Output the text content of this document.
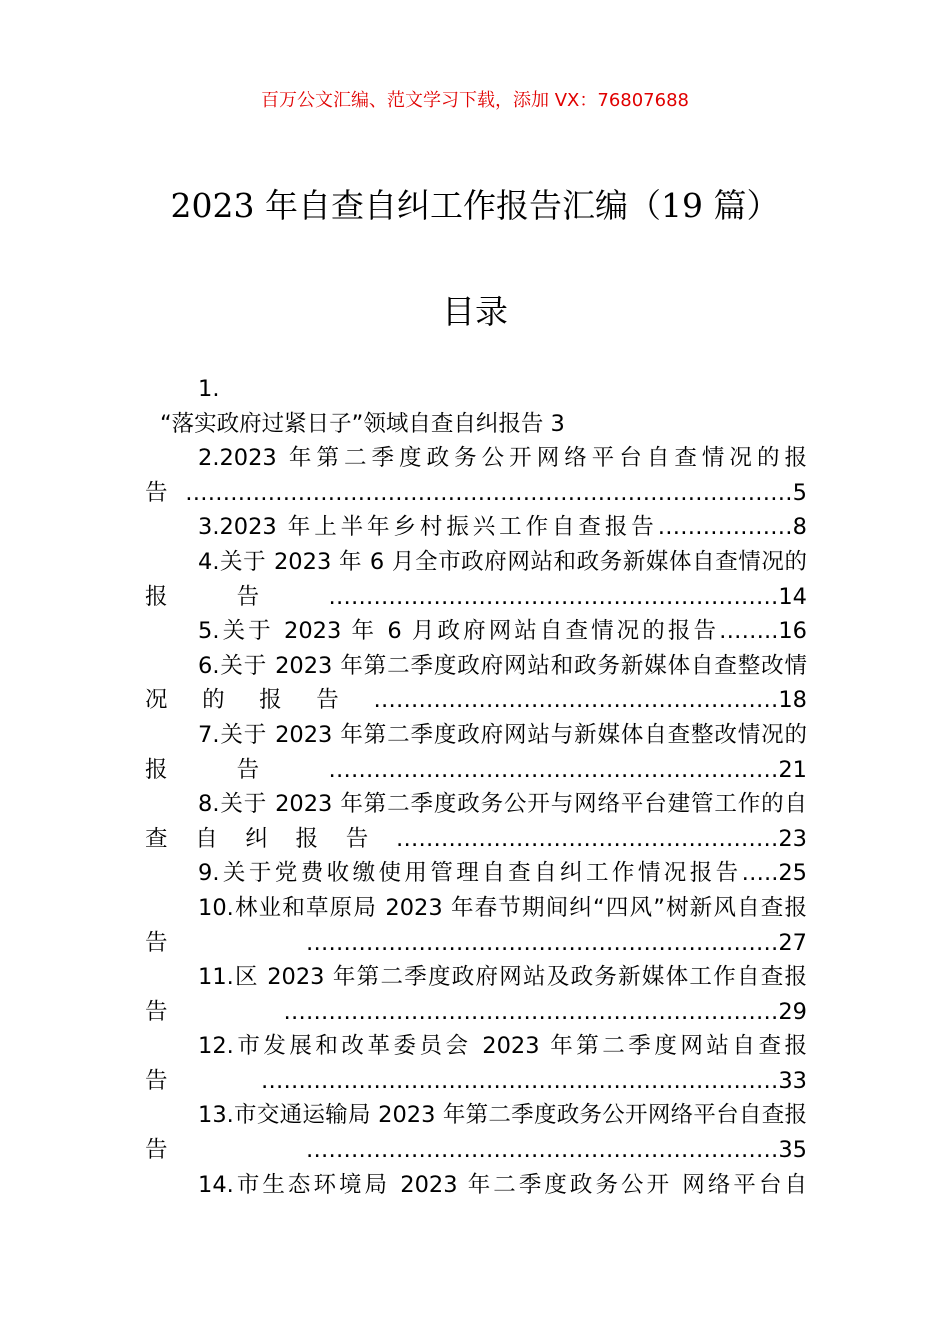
百万公文汇编、范文学习下载，添加 VX：76807688
2023 年自查自纠工作报告汇编（19 篇）
目录
1.
“落实政府过紧日子”领域自查自纠报告 3
2.2023 年第二季度政务公开网络平台自查情况的报告………………………………………………………………………5
3.2023 年上半年乡村振兴工作自查报告………………8
4.关于 2023 年 6 月全市政府网站和政务新媒体自查情况的报告……………………………………………………14
5.关于 2023 年 6 月政府网站自查情况的报告……..16
6.关于 2023 年第二季度政府网站和政务新媒体自查整改情况的报告………………………………………………18
7.关于 2023 年第二季度政府网站与新媒体自查整改情况的报告……………………………………………………21
8.关于 2023 年第二季度政务公开与网络平台建管工作的自查自纠报告……………………………………………23
9.关于党费收缴使用管理自查自纠工作情况报告…..25
10.林业和草原局 2023 年春节期间纠“四风”树新风自查报告………………………………………………………27
11.区 2023 年第二季度政府网站及政务新媒体工作自查报告…………………………………………………………29
12.市发展和改革委员会 2023 年第二季度网站自查报告……………………………………………………………33
13.市交通运输局 2023 年第二季度政务公开网络平台自查报告………………………………………………………35
14.市生态环境局 2023 年二季度政务公开 网络平台自
